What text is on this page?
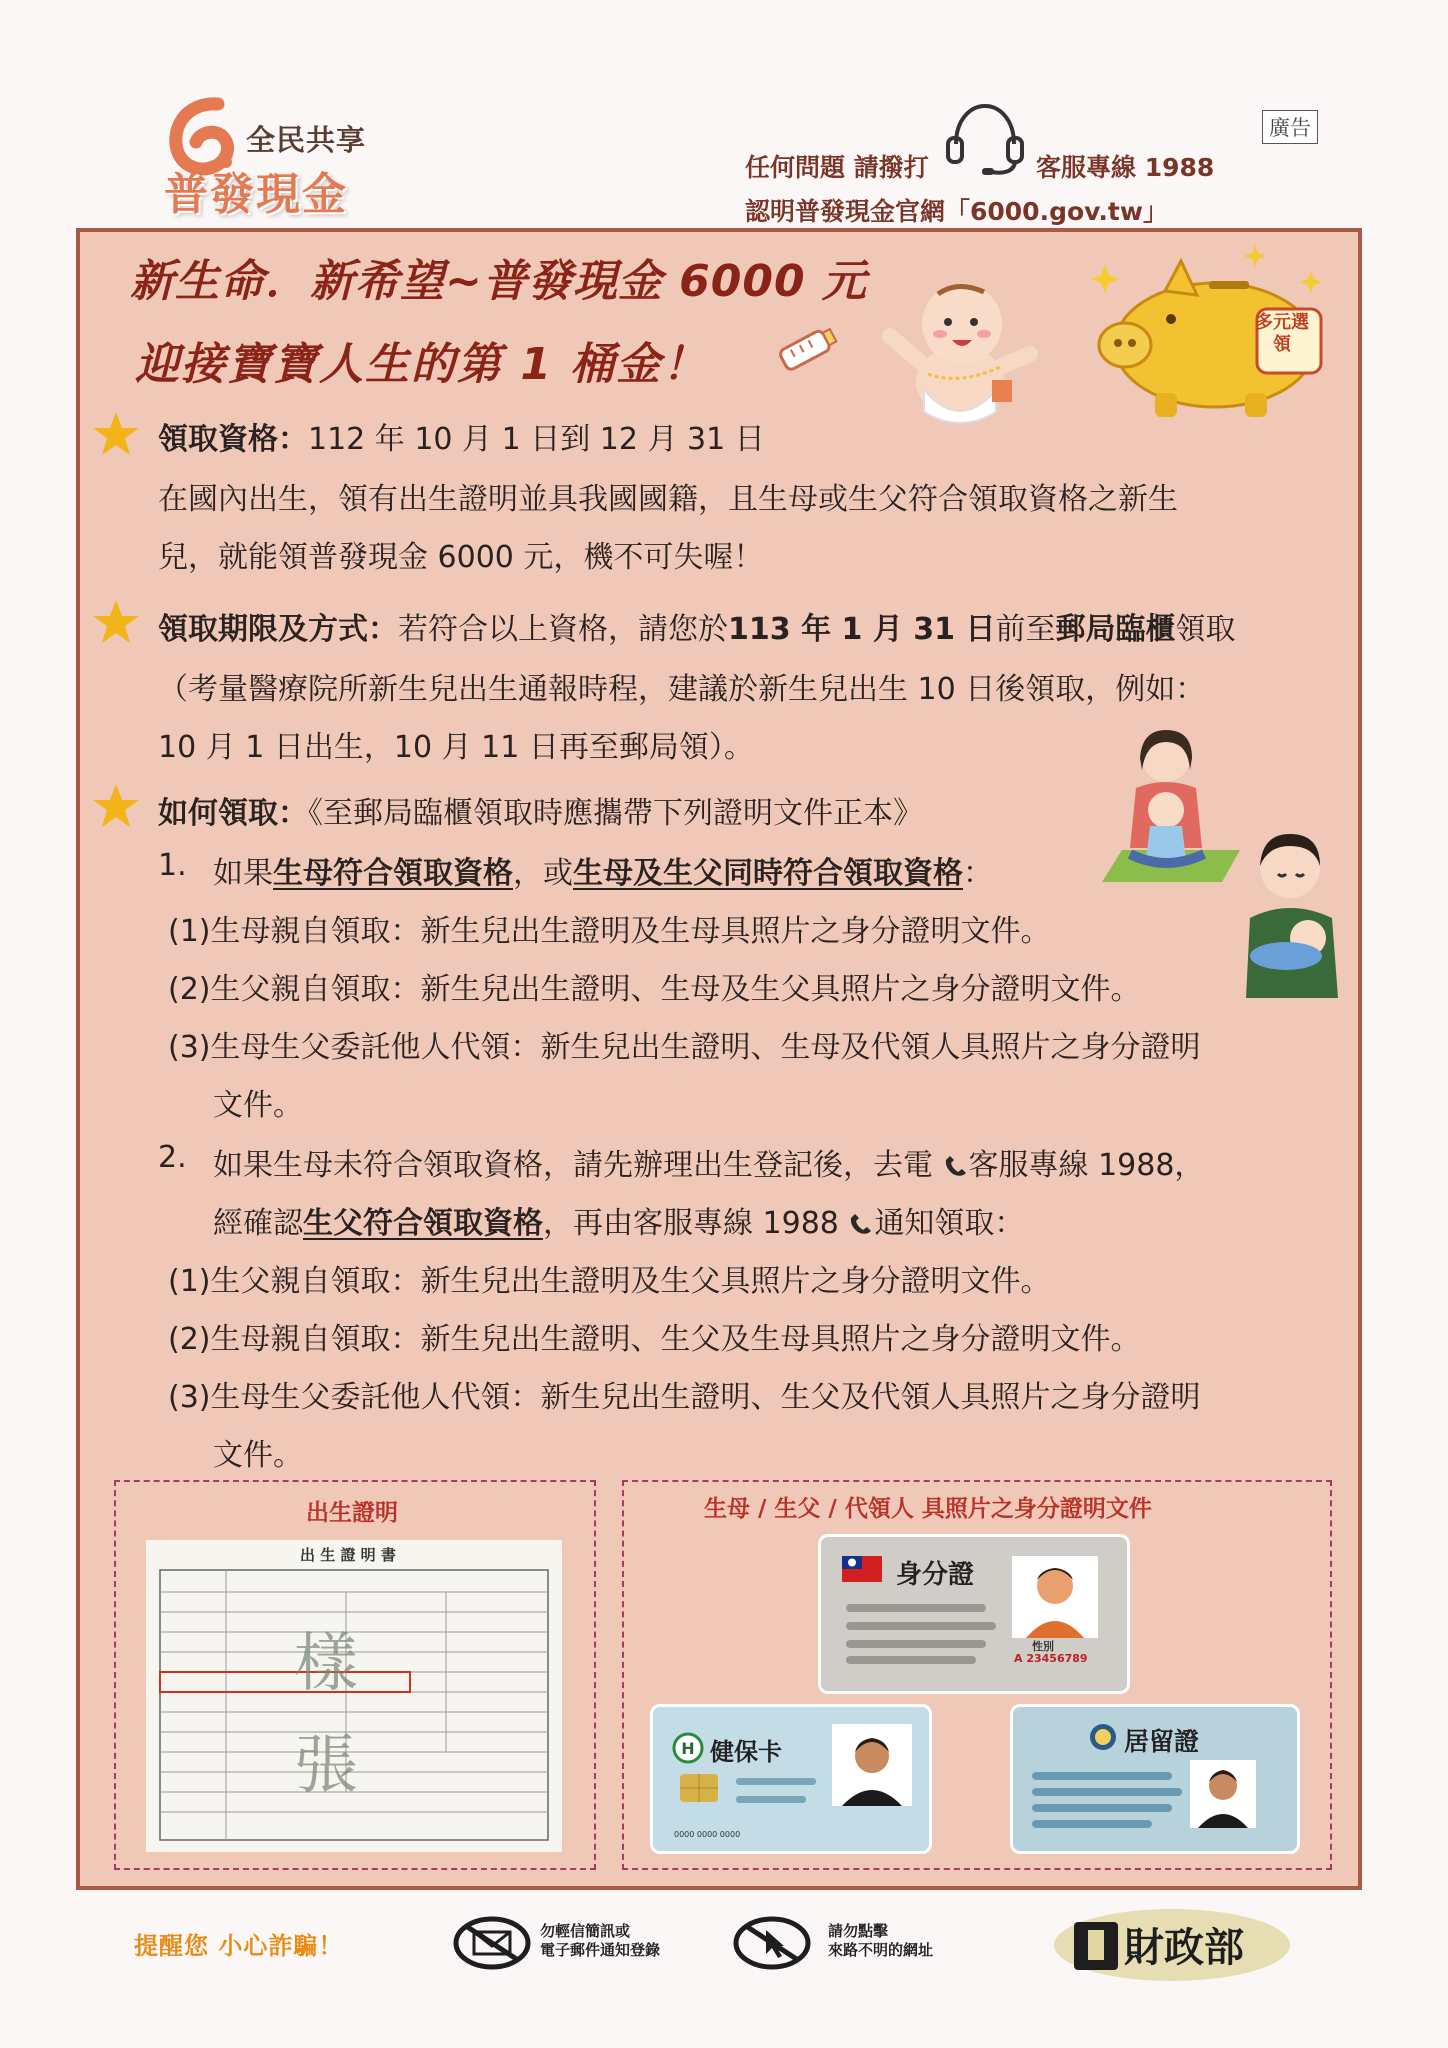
全民共享
普發現金
任何問題 請撥打	客服專線 1988
認明普發現金官網「6000.gov.tw」
廣告
新生命．新希望~普發現金 6000 元
迎接寶寶人生的第 1 桶金！
多元選領
領取資格：112 年 10 月 1 日到 12 月 31 日
在國內出生，領有出生證明並具我國國籍，且生母或生父符合領取資格之新生
兒，就能領普發現金 6000 元，機不可失喔！
領取期限及方式：若符合以上資格，請您於113 年 1 月 31 日前至郵局臨櫃領取
（考量醫療院所新生兒出生通報時程，建議於新生兒出生 10 日後領取，例如：
10 月 1 日出生，10 月 11 日再至郵局領）。
如何領取：《至郵局臨櫃領取時應攜帶下列證明文件正本》
1. 如果生母符合領取資格，或生母及生父同時符合領取資格：
(1)生母親自領取：新生兒出生證明及生母具照片之身分證明文件。
(2)生父親自領取：新生兒出生證明、生母及生父具照片之身分證明文件。
(3)生母生父委託他人代領：新生兒出生證明、生母及代領人具照片之身分證明
文件。
2. 如果生母未符合領取資格，請先辦理出生登記後，去電 客服專線 1988，
經確認生父符合領取資格，再由客服專線 1988 通知領取：
(1)生父親自領取：新生兒出生證明及生父具照片之身分證明文件。
(2)生母親自領取：新生兒出生證明、生父及生母具照片之身分證明文件。
(3)生母生父委託他人代領：新生兒出生證明、生父及代領人具照片之身分證明
文件。
出生證明
出 生 證 明 書
樣
張
生母 / 生父 / 代領人 具照片之身分證明文件
身分證
性別
A 23456789
H 健保卡
0000 0000 0000
居留證
提醒您 小心詐騙！
勿輕信簡訊或
電子郵件通知登錄
請勿點擊
來路不明的網址	財政部
